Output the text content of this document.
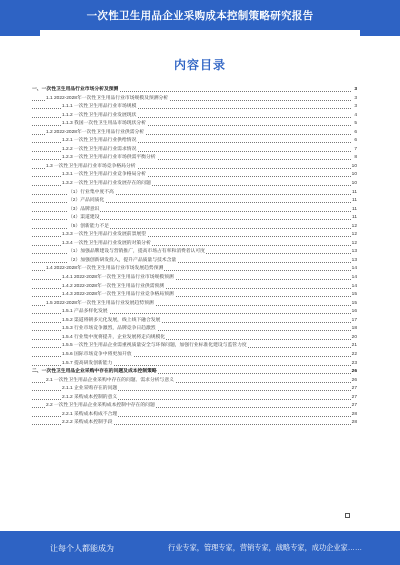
一次性卫生用品企业采购成本控制策略研究报告
内容目录
一、一次性卫生用品行业市场分析及预测	3
1.1 2022-2028年一次性卫生用品行业市场规模及预测分析	3
1.1.1 一次性卫生用品行业市场规模	3
1.1.2 一次性卫生用品行业发展现状	4
1.1.3 我国一次性卫生用品市场现状分析	5
1.2 2022-2028年一次性卫生用品行业供需分析	6
1.2.1 一次性卫生用品行业供给情况	6
1.2.2 一次性卫生用品行业需求情况	7
1.2.3 一次性卫生用品行业市场供需平衡分析	8
1.3 一次性卫生用品行业市场竞争格局分析	10
1.3.1 一次性卫生用品行业竞争格局分析	10
1.3.2 一次性卫生用品行业发展存在的问题	10
（1）行业集中度不高	11
（2）产品同质化	11
（3）品牌意识	11
（4）渠道建设	11
（5）创新能力不足	12
1.3.3 一次性卫生用品行业发展前景展望	12
1.3.4 一次性卫生用品行业发展的对策分析	12
（1）加强品牌建设与营销推广，提高市场占有率和消费者认可度	13
（2）加强创新研发投入，提升产品质量与技术含量	13
1.4 2022-2028年一次性卫生用品行业市场发展趋势预测	14
1.4.1 2022-2028年一次性卫生用品行业市场规模预测	14
1.4.2 2022-2028年一次性卫生用品行业供需预测	14
1.4.3 2022-2028年一次性卫生用品行业竞争格局预测	15
1.5 2022-2028年一次性卫生用品行业发展趋势预测	15
1.5.1 产品多样化发展	16
1.5.2 渠道将朝多元化发展，线上线下融合发展	17
1.5.3 行业市场竞争激烈，品牌竞争日趋激烈	18
1.5.4 行业集中度将提升，企业发展将走向规模化	20
1.5.5 一次性卫生用品企业需重视质量安全与环保问题，加强行业标准化建设与监管力度	21
1.5.6 国际市场竞争中将更加开放	22
1.5.7 提高研发创新能力	23
二、一次性卫生用品企业采购中存在的问题及成本控制策略	26
2.1 一次性卫生用品企业采购中存在的问题、需求分析与意义	26
2.1.1 企业采购存在的问题	27
2.1.2 采购成本控制的意义	27
2.2 一次性卫生用品企业采购成本控制中存在的问题	27
2.2.1 采购成本构成不合理	28
2.2.2 采购成本控制手段	28
让每个人都能成为	行业专家，管理专家，营销专家，战略专家，成功企业家……
